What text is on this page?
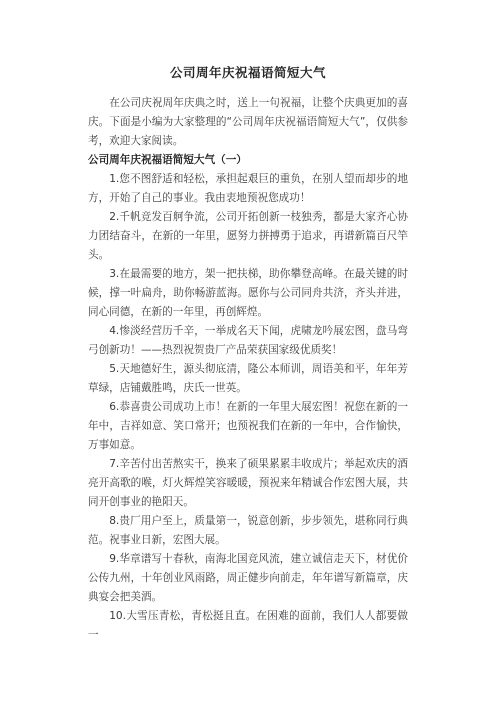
公司周年庆祝福语简短大气

在公司庆祝周年庆典之时，送上一句祝福，让整个庆典更加的喜庆。下面是小编为大家整理的“公司周年庆祝福语简短大气”，仅供参考，欢迎大家阅读。

公司周年庆祝福语简短大气（一）

1.您不图舒适和轻松，承担起艰巨的重负，在别人望而却步的地方，开始了自己的事业。我由衷地预祝您成功！

2.千帆竞发百舸争流，公司开拓创新一枝独秀，都是大家齐心协力团结奋斗，在新的一年里，愿努力拼搏勇于追求，再谱新篇百尺竿头。

3.在最需要的地方，架一把扶梯，助你攀登高峰。在最关键的时候，撑一叶扁舟，助你畅游蓝海。愿你与公司同舟共济，齐头并进，同心同德，在新的一年里，再创辉煌。

4.惨淡经营历千辛，一举成名天下闻，虎啸龙吟展宏图，盘马弯弓创新功！——热烈祝贺贵厂产品荣获国家级优质奖！

5.天地德好生，源头彻底清，隆公本师训，周语美和平，年年芳草绿，店铺戴胜鸣，庆氏一世英。

6.恭喜贵公司成功上市！在新的一年里大展宏图！祝您在新的一年中，吉祥如意、笑口常开；也预祝我们在新的一年中，合作愉快，万事如意。

7.辛苦付出苦熬实干，换来了硕果累累丰收成片；举起欢庆的酒亮开高歌的喉，灯火辉煌笑容暖暖，预祝来年精诚合作宏图大展，共同开创事业的艳阳天。

8.贵厂用户至上，质量第一，锐意创新，步步领先，堪称同行典范。祝事业日新，宏图大展。

9.华章谱写十春秋，南海北国竞风流，建立诚信走天下，材优价公传九州，十年创业风雨路，周正健步向前走，年年谱写新篇章，庆典宴会把美酒。

10.大雪压青松，青松挺且直。在困难的面前，我们人人都要做一
